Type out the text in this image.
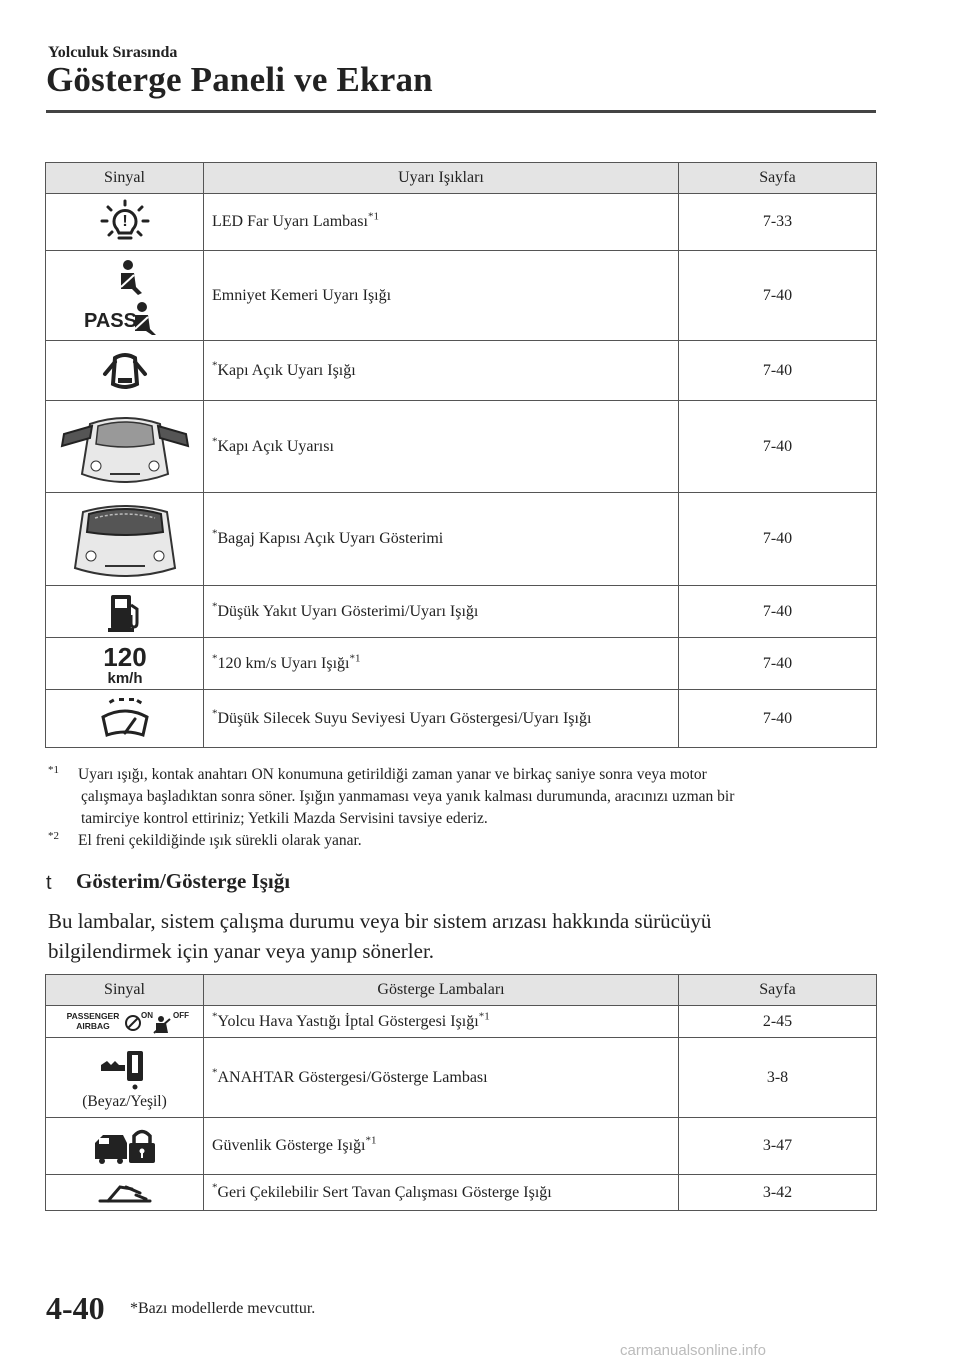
Yolculuk Sırasında
Gösterge Paneli ve Ekran
Sinyal	Uyarı Işıkları	Sayfa

!	LED Far Uyarı Lambası$^{*1}$	7-33

PASS	Emniyet Kemeri Uyarı Işığı	7-40
	*Kapı Açık Uyarı Işığı	7-40
	*Kapı Açık Uyarısı	7-40
	*Bagaj Kapısı Açık Uyarı Gösterimi	7-40
	*Düşük Yakıt Uyarı Gösterimi/Uyarı Işığı	7-40

120
km/h	*120 km/s Uyarı Işığı$^{*1}$	7-40
	*Düşük Silecek Suyu Seviyesi Uyarı Göstergesi/Uyarı Işığı	7-40
$^{*1}$ Uyarı ışığı, kontak anahtarı ON konumuna getirildiği zaman yanar ve birkaç saniye sonra veya motor
çalışmaya başladıktan sonra söner. Işığın yanmaması veya yanık kalması durumunda, aracınızı uzman bir
tamirciye kontrol ettiriniz; Yetkili Mazda Servisini tavsiye ederiz.
$^{*2}$ El freni çekildiğinde ışık sürekli olarak yanar.
t Gösterim/Gösterge Işığı
Bu lambalar, sistem çalışma durumu veya bir sistem arızası hakkında sürücüyü
bilgilendirmek için yanar veya yanıp sönerler.
Sinyal	Gösterge Lambaları	Sayfa

PASSENGER
AIRBAG
ON OFF	*Yolcu Hava Yastığı İptal Göstergesi Işığı$^{*1}$	2-45

(Beyaz/Yeşil)	*ANAHTAR Göstergesi/Gösterge Lambası	3-8
	Güvenlik Gösterge Işığı$^{*1}$	3-47
	*Geri Çekilebilir Sert Tavan Çalışması Gösterge Işığı	3-42
4-40 *Bazı modellerde mevcuttur.
carmanualsonline.info
